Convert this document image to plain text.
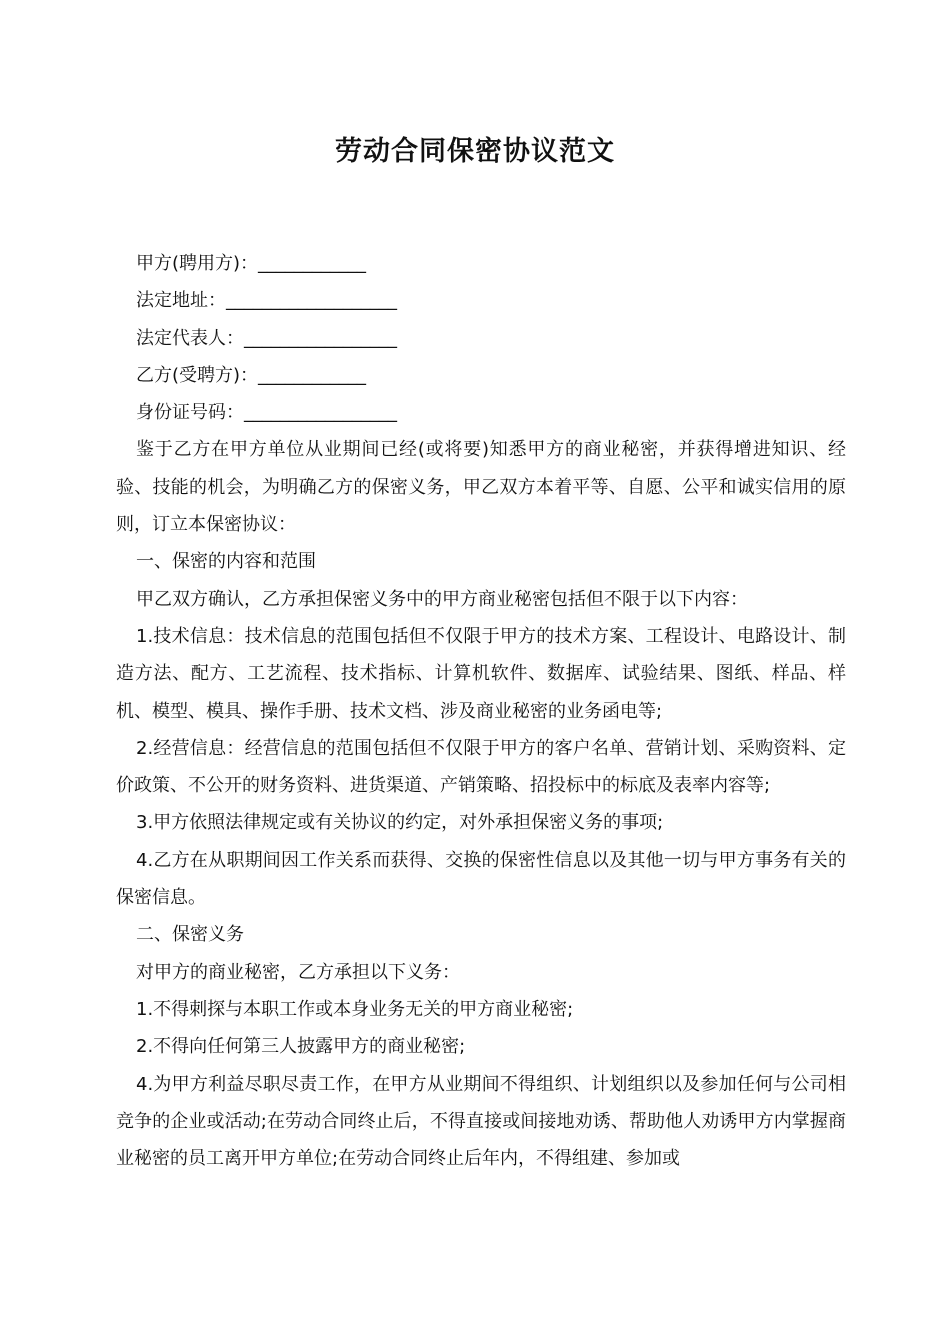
劳动合同保密协议范文

甲方(聘用方)：____________

法定地址：___________________

法定代表人：_________________

乙方(受聘方)：____________

身份证号码：_________________

鉴于乙方在甲方单位从业期间已经(或将要)知悉甲方的商业秘密，并获得增进知识、经验、技能的机会，为明确乙方的保密义务，甲乙双方本着平等、自愿、公平和诚实信用的原则，订立本保密协议：

一、保密的内容和范围

甲乙双方确认，乙方承担保密义务中的甲方商业秘密包括但不限于以下内容：

1.技术信息：技术信息的范围包括但不仅限于甲方的技术方案、工程设计、电路设计、制造方法、配方、工艺流程、技术指标、计算机软件、数据库、试验结果、图纸、样品、样机、模型、模具、操作手册、技术文档、涉及商业秘密的业务函电等;

2.经营信息：经营信息的范围包括但不仅限于甲方的客户名单、营销计划、采购资料、定价政策、不公开的财务资料、进货渠道、产销策略、招投标中的标底及表率内容等;

3.甲方依照法律规定或有关协议的约定，对外承担保密义务的事项;

4.乙方在从职期间因工作关系而获得、交换的保密性信息以及其他一切与甲方事务有关的保密信息。

二、保密义务

对甲方的商业秘密，乙方承担以下义务：

1.不得刺探与本职工作或本身业务无关的甲方商业秘密;

2.不得向任何第三人披露甲方的商业秘密;

4.为甲方利益尽职尽责工作，在甲方从业期间不得组织、计划组织以及参加任何与公司相竞争的企业或活动;在劳动合同终止后，不得直接或间接地劝诱、帮助他人劝诱甲方内掌握商业秘密的员工离开甲方单位;在劳动合同终止后年内，不得组建、参加或
